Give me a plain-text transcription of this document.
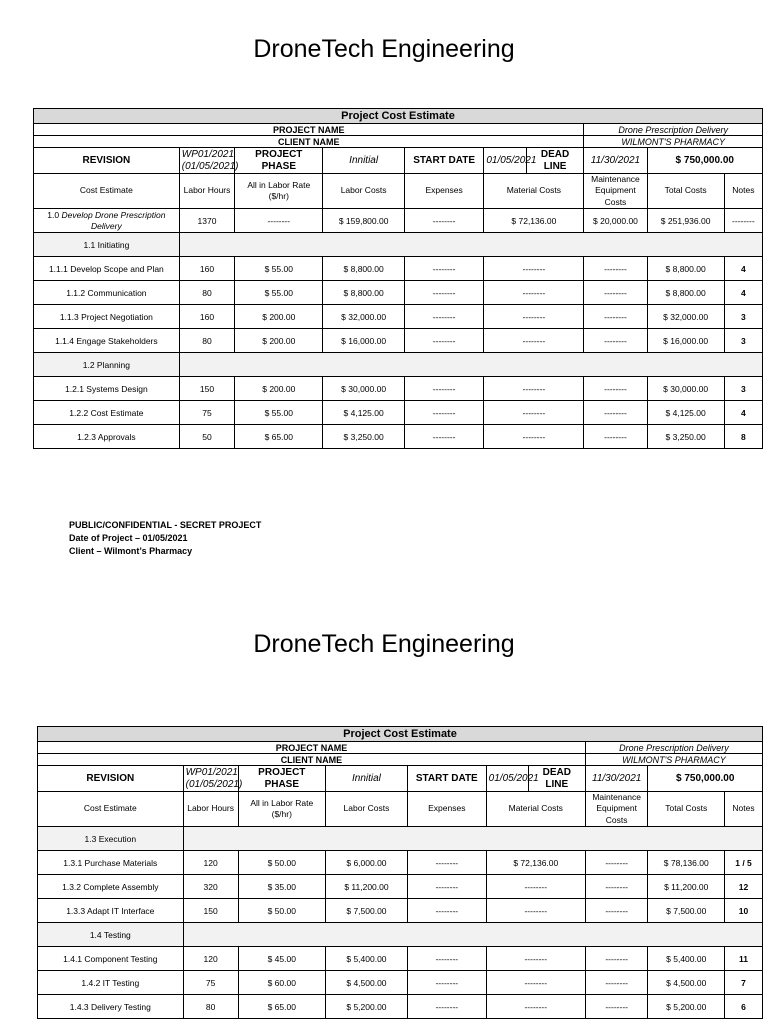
DroneTech Engineering
Project Cost Estimate									
PROJECT NAME							Drone Prescription Delivery		
CLIENT NAME							WILMONT'S PHARMACY		
REVISION	WP01/2021 (01/05/2021)	PROJECT PHASE	Innitial	START DATE	01/05/2021	DEAD LINE	11/30/2021	$ 750,000.00	
Cost Estimate	Labor Hours	All in Labor Rate ($/hr)	Labor Costs	Expenses	Material Costs		Maintenance Equipment Costs	Total Costs	Notes
1.0 Develop Drone Prescription Delivery	1370	--------	$ 159,800.00	--------	$ 72,136.00		$ 20,000.00	$ 251,936.00	--------
1.1 Initiating									
1.1.1 Develop Scope and Plan	160	$ 55.00	$ 8,800.00	--------	--------		--------	$ 8,800.00	4
1.1.2 Communication	80	$ 55.00	$ 8,800.00	--------	--------		--------	$ 8,800.00	4
1.1.3 Project Negotiation	160	$ 200.00	$ 32,000.00	--------	--------		--------	$ 32,000.00	3
1.1.4 Engage Stakeholders	80	$ 200.00	$ 16,000.00	--------	--------		--------	$ 16,000.00	3
1.2 Planning									
1.2.1 Systems Design	150	$ 200.00	$ 30,000.00	--------	--------		--------	$ 30,000.00	3
1.2.2 Cost Estimate	75	$ 55.00	$ 4,125.00	--------	--------		--------	$ 4,125.00	4
1.2.3 Approvals	50	$ 65.00	$ 3,250.00	--------	--------		--------	$ 3,250.00	8
PUBLIC/CONFIDENTIAL - SECRET PROJECT
Date of Project – 01/05/2021
Client – Wilmont’s Pharmacy
DroneTech Engineering
Project Cost Estimate									
PROJECT NAME							Drone Prescription Delivery		
CLIENT NAME							WILMONT'S PHARMACY		
REVISION	WP01/2021 (01/05/2021)	PROJECT PHASE	Innitial	START DATE	01/05/2021	DEAD LINE	11/30/2021	$ 750,000.00	
Cost Estimate	Labor Hours	All in Labor Rate ($/hr)	Labor Costs	Expenses	Material Costs		Maintenance Equipment Costs	Total Costs	Notes
1.3 Execution									
1.3.1 Purchase Materials	120	$ 50.00	$ 6,000.00	--------	$ 72,136.00		--------	$ 78,136.00	1 / 5
1.3.2 Complete Assembly	320	$ 35.00	$ 11,200.00	--------	--------		--------	$ 11,200.00	12
1.3.3 Adapt IT Interface	150	$ 50.00	$ 7,500.00	--------	--------		--------	$ 7,500.00	10
1.4 Testing									
1.4.1 Component Testing	120	$ 45.00	$ 5,400.00	--------	--------		--------	$ 5,400.00	11
1.4.2 IT Testing	75	$ 60.00	$ 4,500.00	--------	--------		--------	$ 4,500.00	7
1.4.3 Delivery Testing	80	$ 65.00	$ 5,200.00	--------	--------		--------	$ 5,200.00	6
